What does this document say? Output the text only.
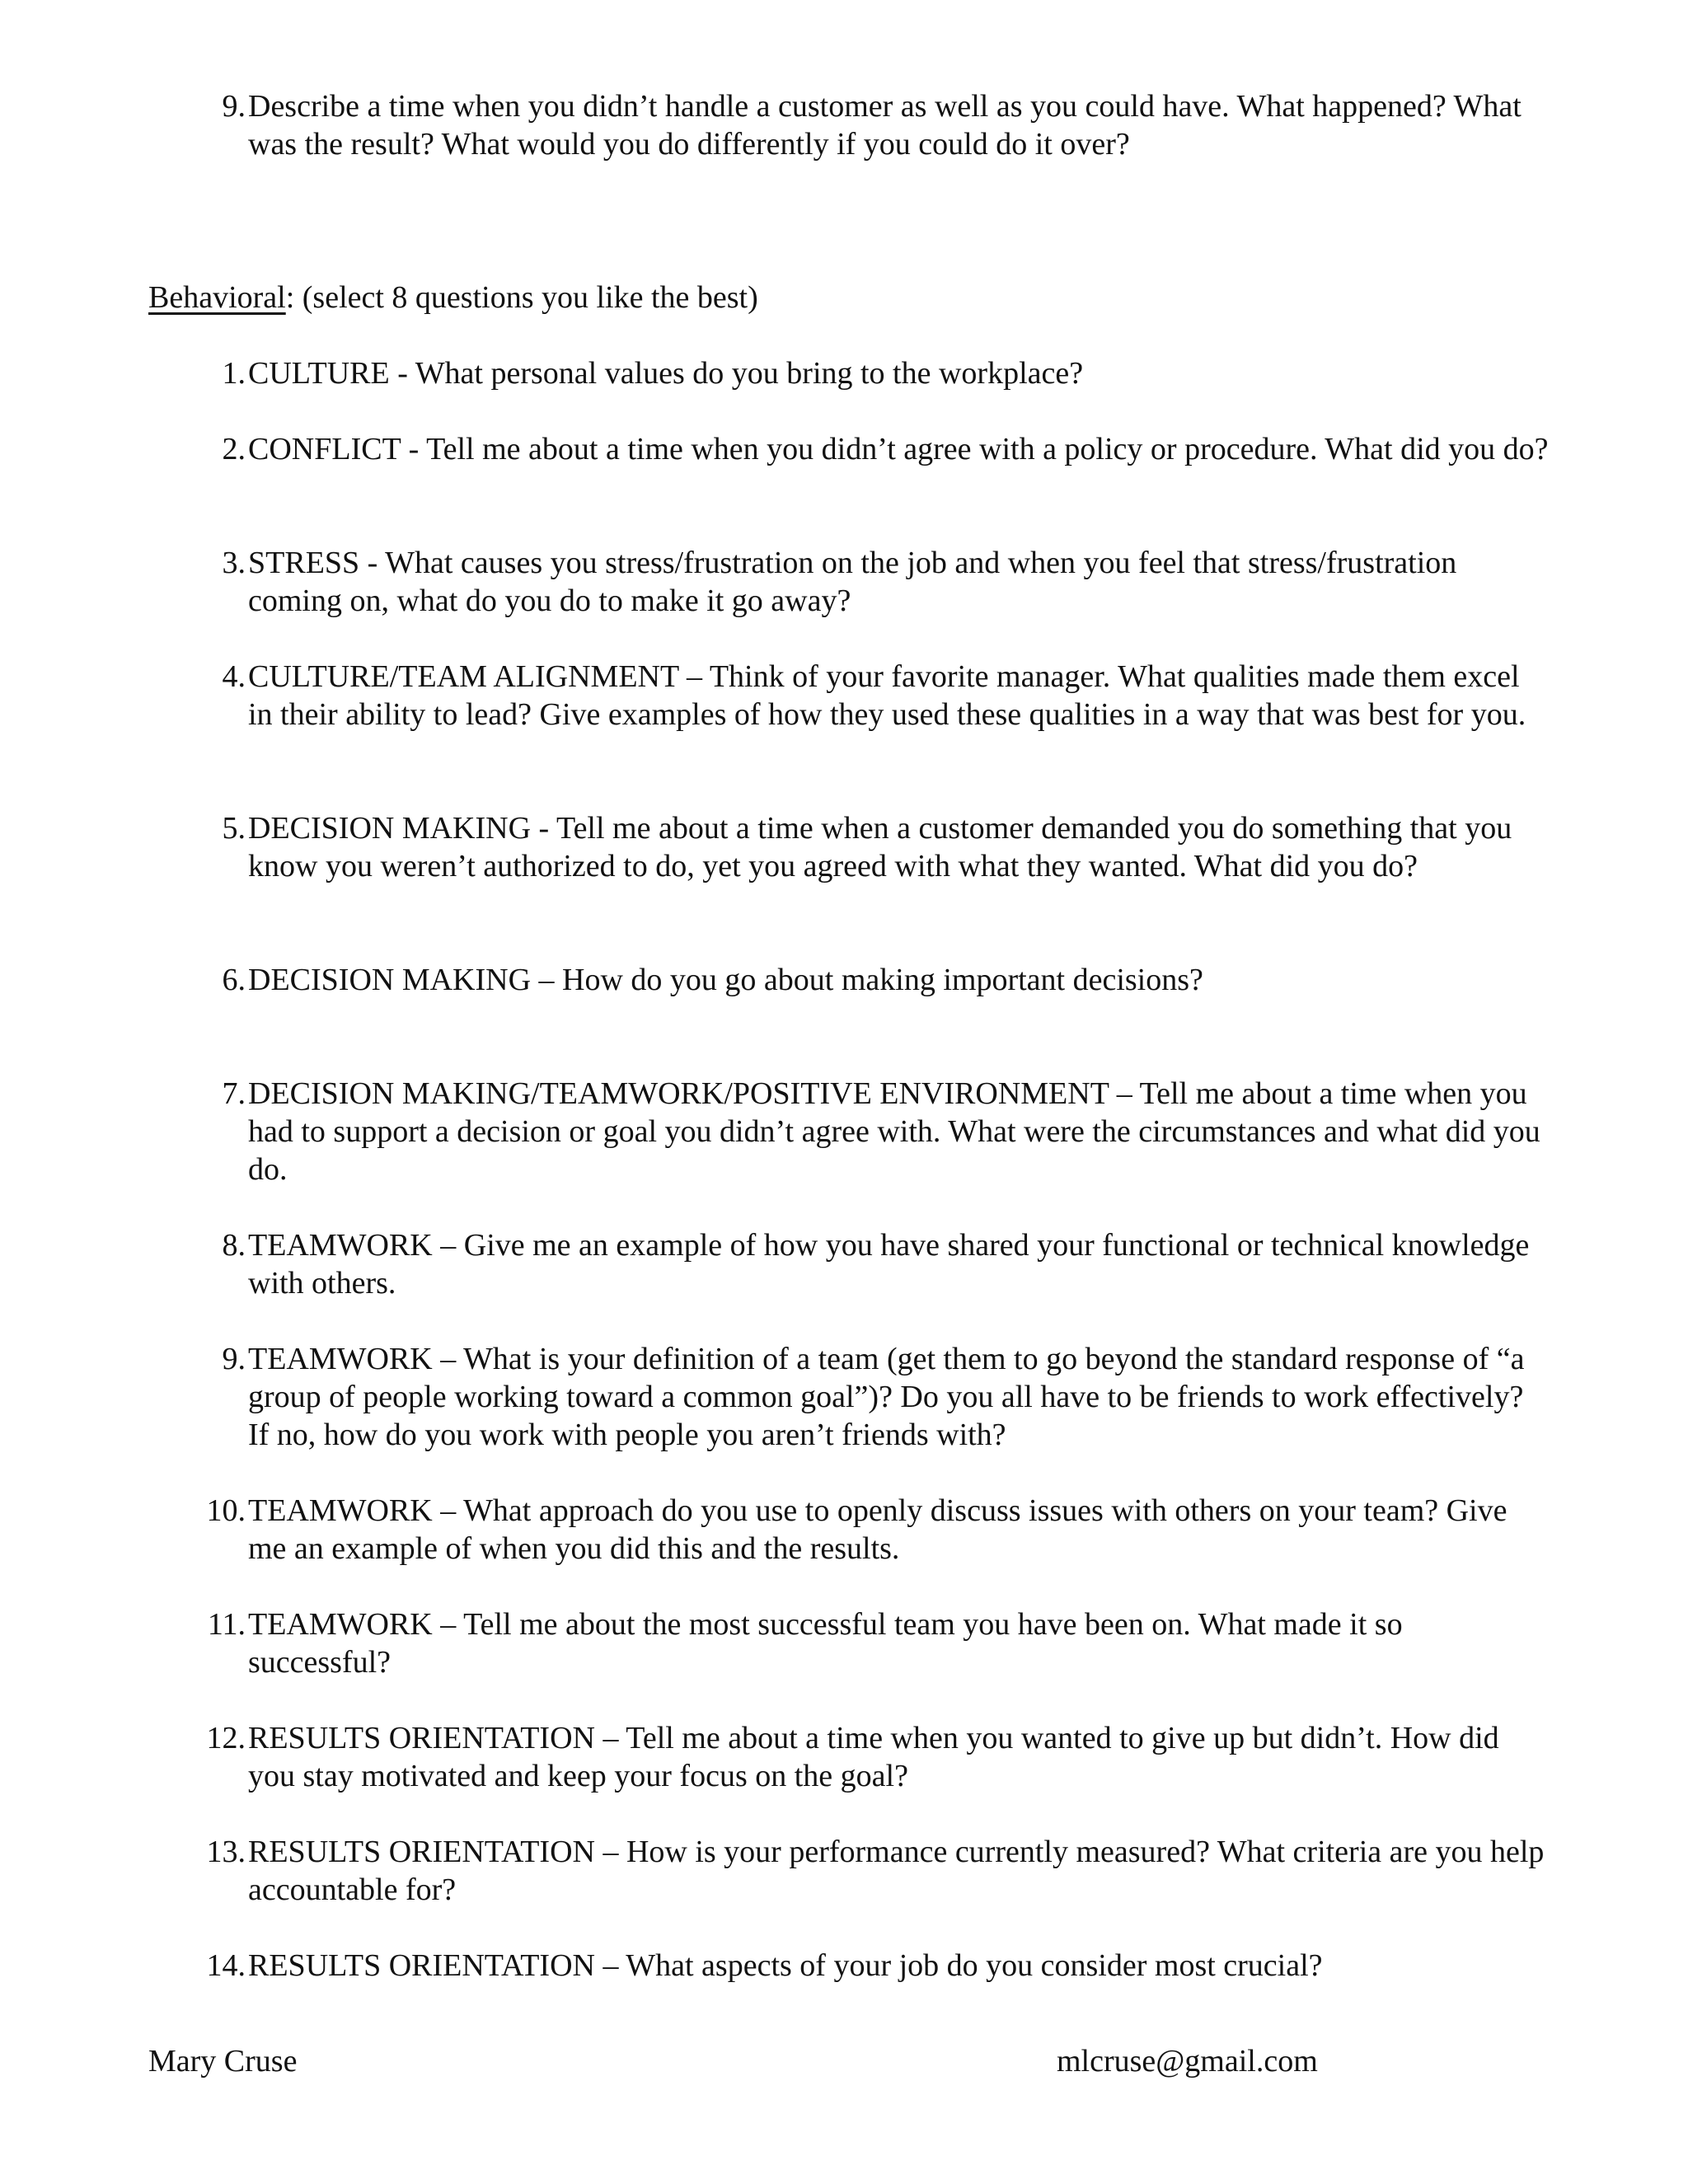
9. Describe a time when you didn’t handle a customer as well as you could have. What happened? What was the result? What would you do differently if you could do it over?
Behavioral: (select 8 questions you like the best)
1. CULTURE - What personal values do you bring to the workplace?
2. CONFLICT - Tell me about a time when you didn’t agree with a policy or procedure. What did you do?
3. STRESS - What causes you stress/frustration on the job and when you feel that stress/frustration coming on, what do you do to make it go away?
4. CULTURE/TEAM ALIGNMENT – Think of your favorite manager. What qualities made them excel in their ability to lead? Give examples of how they used these qualities in a way that was best for you.
5. DECISION MAKING - Tell me about a time when a customer demanded you do something that you know you weren’t authorized to do, yet you agreed with what they wanted. What did you do?
6. DECISION MAKING – How do you go about making important decisions?
7. DECISION MAKING/TEAMWORK/POSITIVE ENVIRONMENT – Tell me about a time when you had to support a decision or goal you didn’t agree with. What were the circumstances and what did you do.
8. TEAMWORK – Give me an example of how you have shared your functional or technical knowledge with others.
9. TEAMWORK – What is your definition of a team (get them to go beyond the standard response of “a group of people working toward a common goal”)? Do you all have to be friends to work effectively? If no, how do you work with people you aren’t friends with?
10. TEAMWORK – What approach do you use to openly discuss issues with others on your team? Give me an example of when you did this and the results.
11. TEAMWORK – Tell me about the most successful team you have been on. What made it so successful?
12. RESULTS ORIENTATION – Tell me about a time when you wanted to give up but didn’t. How did you stay motivated and keep your focus on the goal?
13. RESULTS ORIENTATION – How is your performance currently measured? What criteria are you help accountable for?
14. RESULTS ORIENTATION – What aspects of your job do you consider most crucial?
Mary Cruse	mlcruse@gmail.com
